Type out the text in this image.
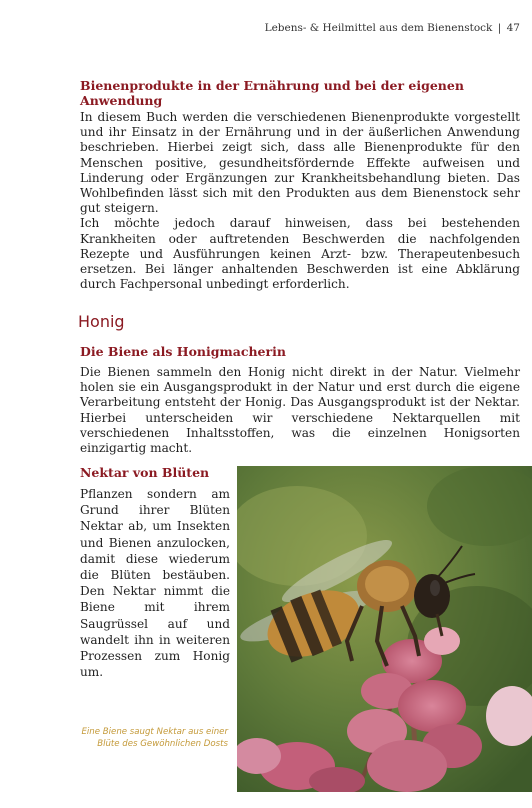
Lebens- & Heilmittel aus dem Bienenstock | 47
Bienenprodukte in der Ernährung und bei der eigenen Anwendung

In diesem Buch werden die verschiedenen Bienenprodukte vorgestellt und ihr Einsatz in der Ernährung und in der äußerlichen Anwendung beschrieben. Hierbei zeigt sich, dass alle Bienenprodukte für den Menschen positive, gesundheitsfördernde Effekte aufweisen und Linderung oder Ergänzungen zur Krankheitsbehandlung bieten. Das Wohlbefinden lässt sich mit den Produkten aus dem Bienenstock sehr gut steigern.

Ich möchte jedoch darauf hinweisen, dass bei bestehenden Krankheiten oder auftretenden Beschwerden die nachfolgenden Rezepte und Ausführungen keinen Arzt- bzw. Therapeutenbesuch ersetzen. Bei länger anhaltenden Beschwerden ist eine Abklärung durch Fachpersonal unbedingt erforderlich.

Honig
Die Biene als Honigmacherin

Die Bienen sammeln den Honig nicht direkt in der Natur. Vielmehr holen sie ein Ausgangsprodukt in der Natur und erst durch die eigene Verarbeitung entsteht der Honig. Das Ausgangsprodukt ist der Nektar. Hierbei unterscheiden wir verschiedene Nektarquellen mit verschiedenen Inhaltsstoffen, was die einzelnen Honigsorten einzigartig macht.

Nektar von Blüten

Pflanzen sondern am Grund ihrer Blüten Nektar ab, um Insekten und Bienen anzulocken, damit diese wiederum die Blüten bestäuben. Den Nektar nimmt die Biene mit ihrem Saugrüssel auf und wandelt ihn in weiteren Prozessen zum Honig um.

Eine Biene saugt Nektar aus einer
Blüte des Gewöhnlichen Dosts
